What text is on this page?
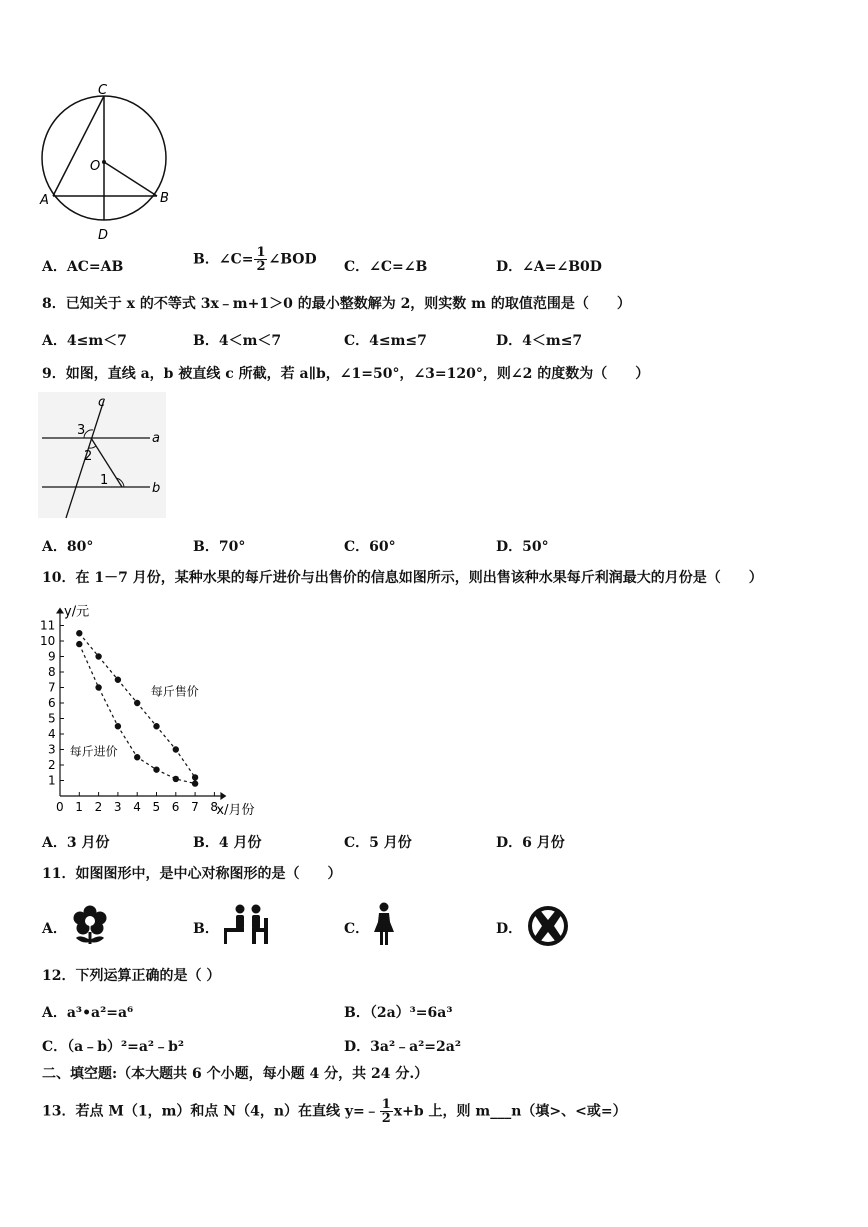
C
O
A	B
D
A．AC=AB	B．∠C= $\frac{1}{2}$ ∠BOD C．∠C=∠B	D．∠A=∠B0D
8．已知关于 x 的不等式 3x﹣m+1＞0 的最小整数解为 2，则实数 m 的取值范围是（　　）
A．4≤m＜7	B．4＜m＜7	C．4≤m≤7	D．4＜m≤7
9．如图，直线 a，b 被直线 c 所截，若 a∥b，∠1=50°，∠3=120°，则∠2 的度数为（　　）
c
a
b
1
2
3
A．80°	B．70°	C．60°	D．50°
10．在 1－7 月份，某种水果的每斤进价与出售价的信息如图所示，则出售该种水果每斤利润最大的月份是（　　）
0 1 2 3 4 5 6 7 8
1
2
3
4
5
6
7
8
9
10
11
y/元
x/月份
每斤售价
每斤进价
A．3 月份	B．4 月份	C．5 月份	D．6 月份
11．如图图形中，是中心对称图形的是（　　）
A．	B．	C．	D．
12．下列运算正确的是（ ）
A．a³•a²=a⁶	B．（2a）³=6a³
C．（a﹣b）²=a²﹣b²	D．3a²﹣a²=2a²
二、填空题:（本大题共 6 个小题，每小题 4 分，共 24 分.）
13．若点 M（1，m）和点 N（4，n）在直线 y=﹣ $\frac{1}{2} x+b$ 上，则 m___n（填>、<或=）
